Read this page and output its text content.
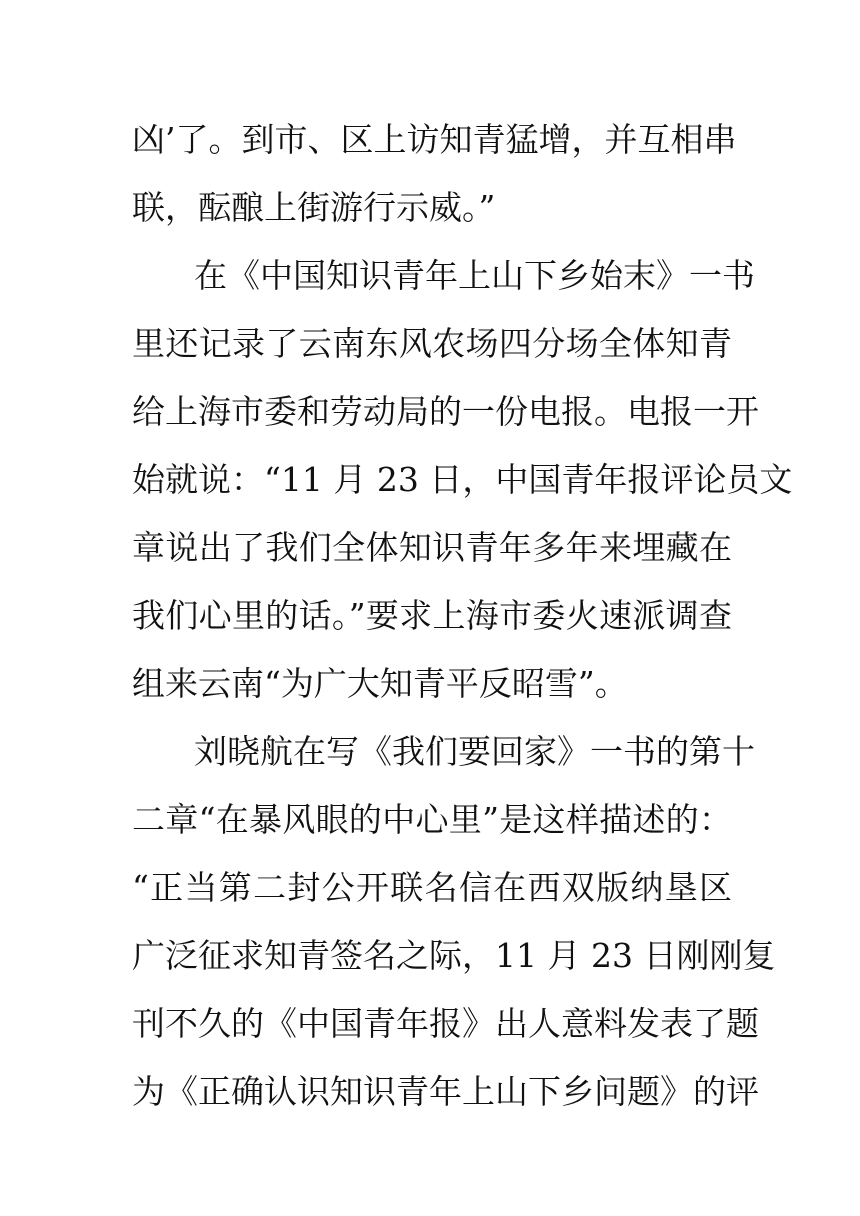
凶’了。到市、区上访知青猛增，并互相串
联，酝酿上街游行示威。”
在《中国知识青年上山下乡始末》一书
里还记录了云南东风农场四分场全体知青
给上海市委和劳动局的一份电报。电报一开
始就说：“11 月 23 日，中国青年报评论员文
章说出了我们全体知识青年多年来埋藏在
我们心里的话。”要求上海市委火速派调查
组来云南“为广大知青平反昭雪”。
刘晓航在写《我们要回家》一书的第十
二章“在暴风眼的中心里”是这样描述的：
“正当第二封公开联名信在西双版纳垦区
广泛征求知青签名之际，11 月 23 日刚刚复
刊不久的《中国青年报》出人意料发表了题
为《正确认识知识青年上山下乡问题》的评
